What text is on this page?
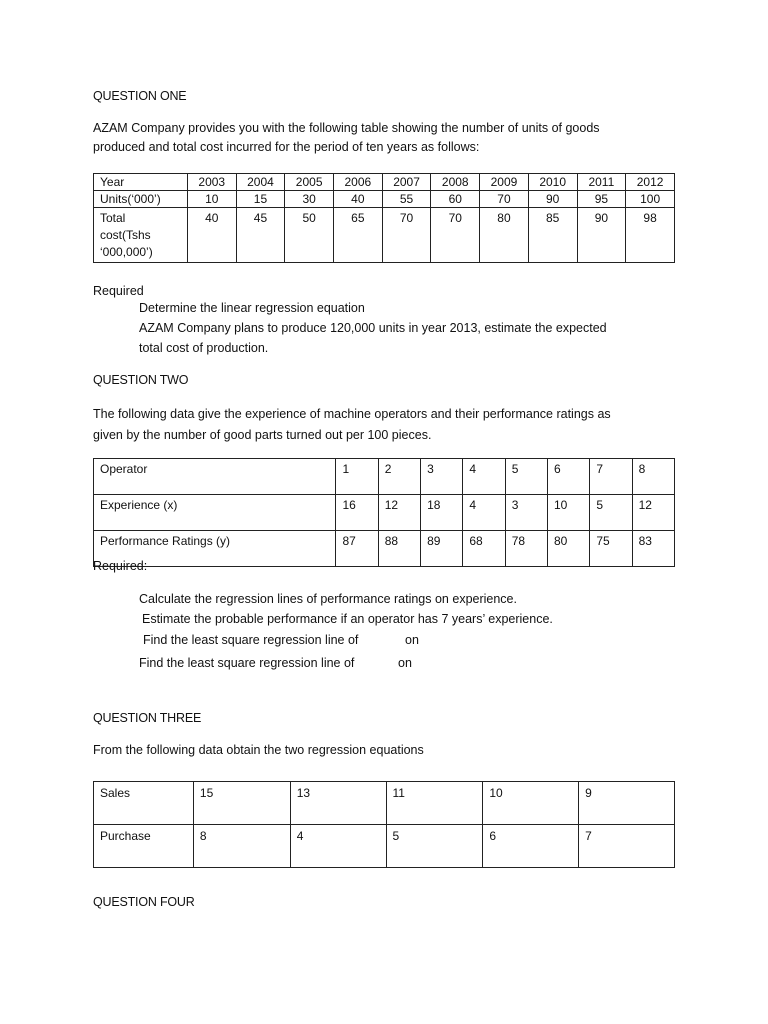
QUESTION ONE
AZAM Company provides you with the following table showing the number of units of goods
produced and total cost incurred for the period of ten years as follows:
Year	2003	2004	2005	2006	2007	2008	2009	2010	2011	2012
Units(‘000’)	10	15	30	40	55	60	70	90	95	100

Total
cost(Tshs
‘000,000’)	40	45	50	65	70	70	80	85	90	98
Required
Determine the linear regression equation
AZAM Company plans to produce 120,000 units in year 2013, estimate the expected
total cost of production.
QUESTION TWO
The following data give the experience of machine operators and their performance ratings as
given by the number of good parts turned out per 100 pieces.
Operator	1	2	3	4	5	6	7	8
Experience (x)	16	12	18	4	3	10	5	12
Performance Ratings (y)	87	88	89	68	78	80	75	83
Required:
Calculate the regression lines of performance ratings on experience.
Estimate the probable performance if an operator has 7 years’ experience.
Find the least square regression line of	on
Find the least square regression line of	on
QUESTION THREE
From the following data obtain the two regression equations
Sales	15	13	11	10	9
Purchase	8	4	5	6	7
QUESTION FOUR
